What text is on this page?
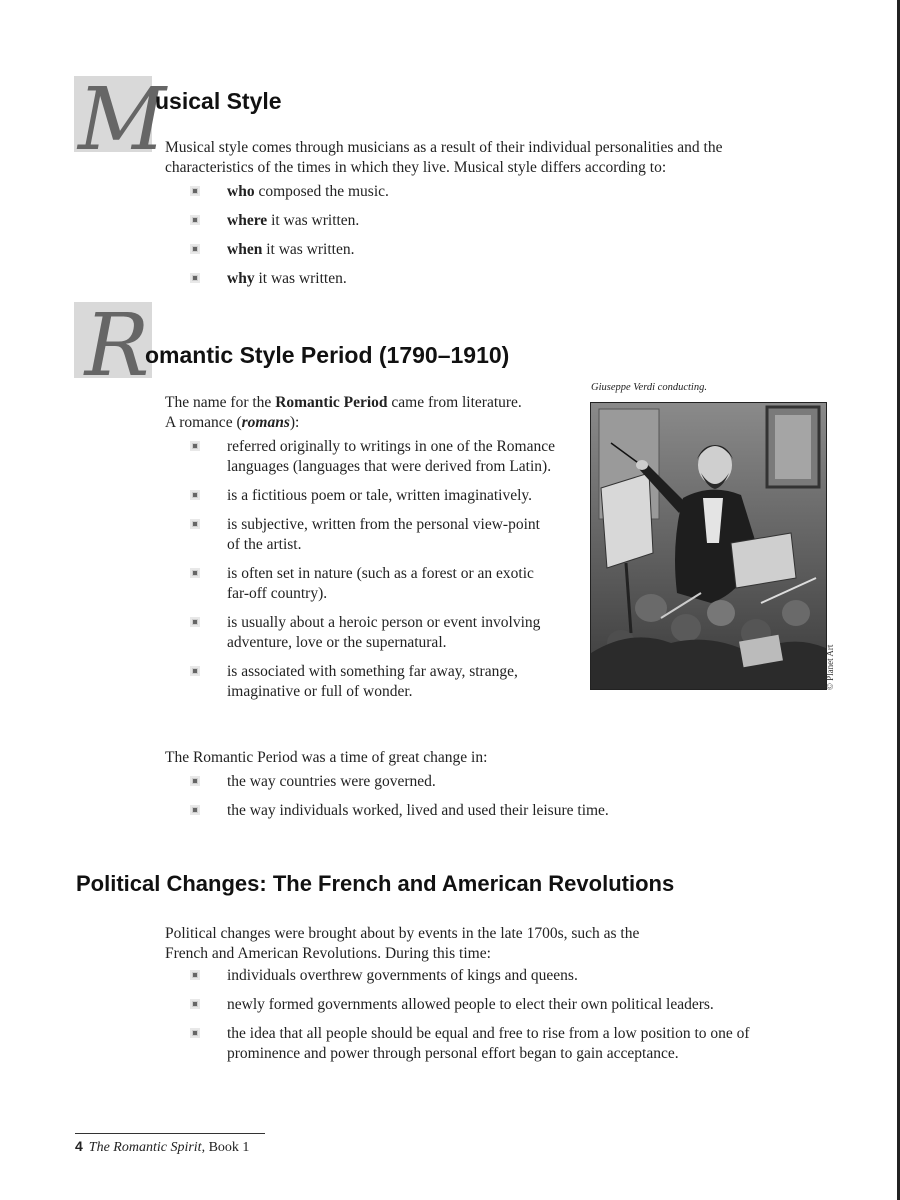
M
usical Style
Musical style comes through musicians as a result of their individual personalities and the characteristics of the times in which they live. Musical style differs according to:
who composed the music.
where it was written.
when it was written.
why it was written.
R
omantic Style Period (1790–1910)
The name for the Romantic Period came from literature. A romance (romans):
referred originally to writings in one of the Romance languages (languages that were derived from Latin).
is a fictitious poem or tale, written imaginatively.
is subjective, written from the personal view-point of the artist.
is often set in nature (such as a forest or an exotic far-off country).
is usually about a heroic person or event involving adventure, love or the supernatural.
is associated with something far away, strange, imaginative or full of wonder.
Giuseppe Verdi conducting.
© Planet Art
The Romantic Period was a time of great change in:
the way countries were governed.
the way individuals worked, lived and used their leisure time.
Political Changes: The French and American Revolutions
Political changes were brought about by events in the late 1700s, such as the French and American Revolutions. During this time:
individuals overthrew governments of kings and queens.
newly formed governments allowed people to elect their own political leaders.
the idea that all people should be equal and free to rise from a low position to one of prominence and power through personal effort began to gain acceptance.
4 The Romantic Spirit, Book 1
